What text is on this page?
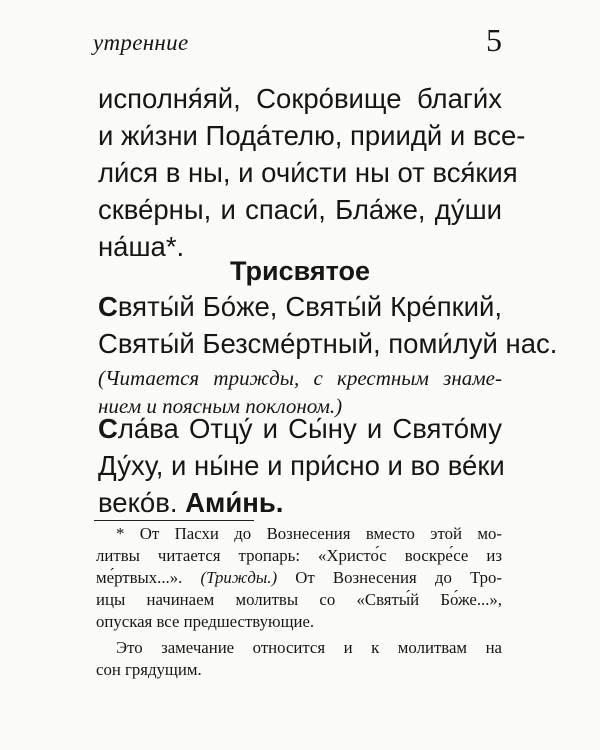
утренние	5
исполня́яй, Сокро́вище благи́х
и жи́зни Пода́телю, приидй и все-
ли́ся в ны, и очи́сти ны от вся́кия
скве́рны, и спаси́, Бла́же, ду́ши
на́ша*.
Трисвятое
Святы́й Бо́же, Святы́й Кре́пкий,
Святы́й Безсме́ртный, поми́луй нас.
(Читается трижды, с крестным знаме-
нием и поясным поклоном.)
Сла́ва Отцу́ и Сы́ну и Свято́му
Ду́ху, и ны́не и при́сно и во ве́ки
веко́в. Ами́нь.
* От Пасхи до Вознесения вместо этой мо-
литвы читается тропарь: «Христо́с воскре́се из
ме́ртвых...». (Трижды.) От Вознесения до Тро-
ицы начинаем молитвы со «Святы́й Бо́же...»,
опуская все предшествующие.
Это замечание относится и к молитвам на
сон грядущим.
